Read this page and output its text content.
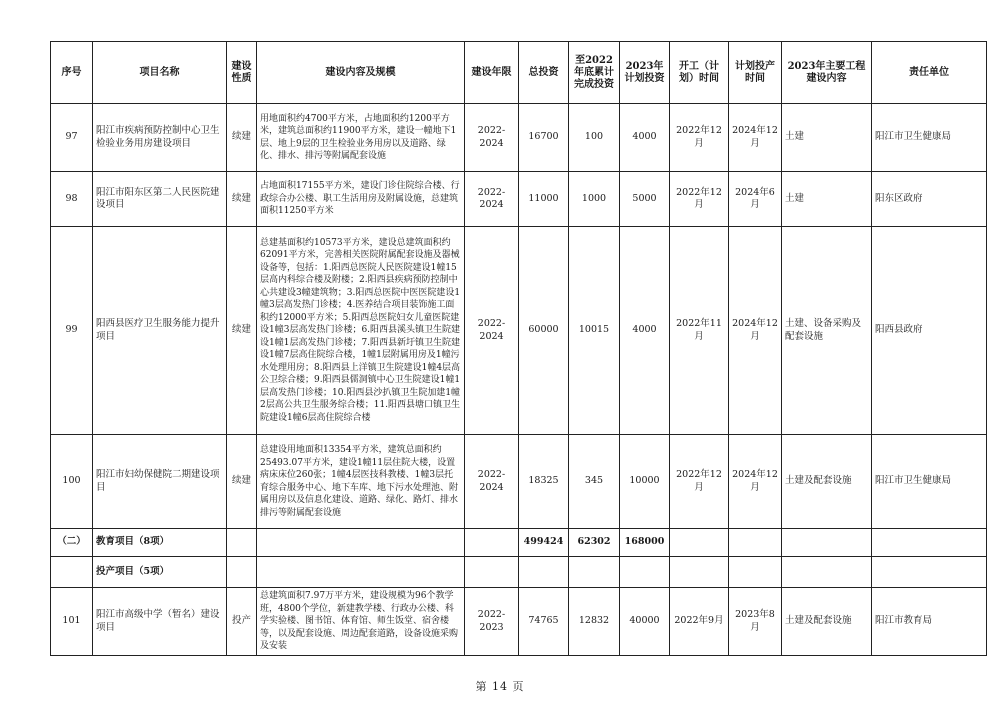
序号	项目名称	建设性质	建设内容及规模	建设年限	总投资	至2022年底累计完成投资	2023年计划投资	开工（计划）时间	计划投产时间	2023年主要工程建设内容	责任单位
97	阳江市疾病预防控制中心卫生检验业务用房建设项目	续建	用地面积约4700平方米，占地面积约1200平方米，建筑总面积约11900平方米，建设一幢地下1层、地上9层的卫生检验业务用房以及道路、绿化、排水、排污等附属配套设施	2022-2024	16700	100	4000	2022年12月	2024年12月	土建	阳江市卫生健康局
98	阳江市阳东区第二人民医院建设项目	续建	占地面积17155平方米，建设门诊住院综合楼、行政综合办公楼、职工生活用房及附属设施，总建筑面积11250平方米	2022-2024	11000	1000	5000	2022年12月	2024年6月	土建	阳东区政府
99	阳西县医疗卫生服务能力提升项目	续建	总建基面积约10573平方米，建设总建筑面积约62091平方米，完善相关医院附属配套设施及器械设备等，包括：1.阳西总医院人民医院建设1幢15层高内科综合楼及附楼；2.阳西县疾病预防控制中心共建设3幢建筑物；3.阳西总医院中医医院建设1幢3层高发热门诊楼；4.医养结合项目装饰施工面积约12000平方米；5.阳西总医院妇女儿童医院建设1幢3层高发热门诊楼；6.阳西县溪头镇卫生院建设1幢1层高发热门诊楼；7.阳西县新圩镇卫生院建设1幢7层高住院综合楼，1幢1层附属用房及1幢污水处理用房；8.阳西县上洋镇卫生院建设1幢4层高公卫综合楼；9.阳西县儒洞镇中心卫生院建设1幢1层高发热门诊楼；10.阳西县沙扒镇卫生院加建1幢2层高公共卫生服务综合楼；11.阳西县塘口镇卫生院建设1幢6层高住院综合楼	2022-2024	60000	10015	4000	2022年11月	2024年12月	土建、设备采购及配套设施	阳西县政府
100	阳江市妇幼保健院二期建设项目	续建	总建设用地面积13354平方米，建筑总面积约25493.07平方米，建设1幢11层住院大楼，设置病床床位260张；1幢4层医技科教楼、1幢3层托育综合服务中心、地下车库、地下污水处理池、附属用房以及信息化建设、道路、绿化、路灯、排水排污等附属配套设施	2022-2024	18325	345	10000	2022年12月	2024年12月	土建及配套设施	阳江市卫生健康局
（二）	教育项目（8项）				499424	62302	168000				
	投产项目（5项）										
101	阳江市高级中学（暂名）建设项目	投产	总建筑面积7.97万平方米，建设规模为96个教学班，4800个学位，新建教学楼、行政办公楼、科学实验楼、图书馆、体育馆、师生饭堂、宿舍楼等，以及配套设施、周边配套道路，设备设施采购及安装	2022-2023	74765	12832	40000	2022年9月	2023年8月	土建及配套设施	阳江市教育局
第 14 页
